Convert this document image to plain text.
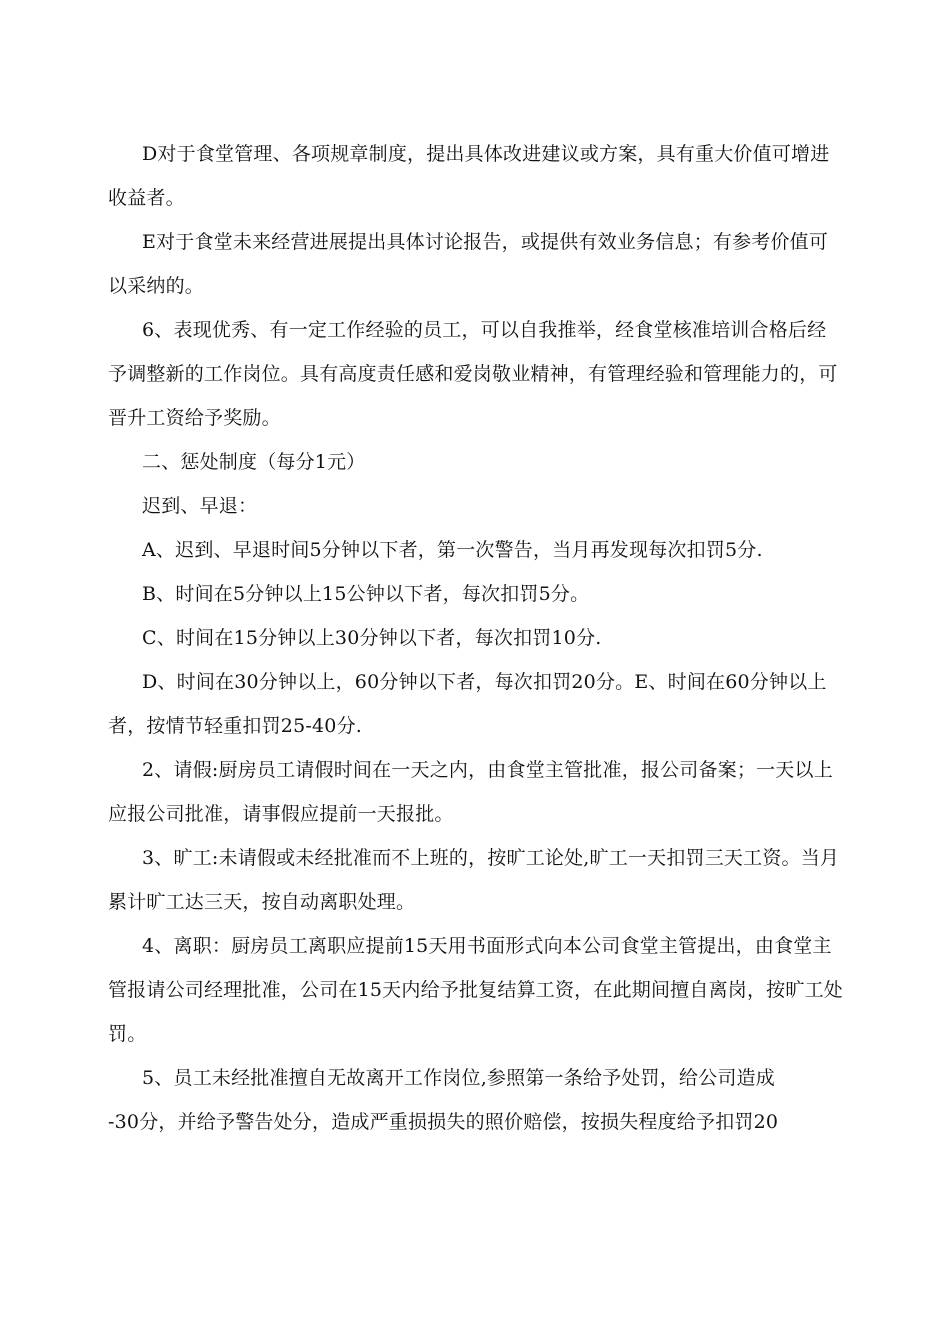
D对于食堂管理、各项规章制度，提出具体改进建议或方案，具有重大价值可增进收益者。

E对于食堂未来经营进展提出具体讨论报告，或提供有效业务信息；有参考价值可以采纳的。

6、表现优秀、有一定工作经验的员工，可以自我推举，经食堂核准培训合格后经予调整新的工作岗位。具有高度责任感和爱岗敬业精神，有管理经验和管理能力的，可晋升工资给予奖励。

二、惩处制度（每分1元）

迟到、早退：

A、迟到、早退时间5分钟以下者，第一次警告，当月再发现每次扣罚5分.

B、时间在5分钟以上15公钟以下者，每次扣罚5分。

C、时间在15分钟以上30分钟以下者，每次扣罚10分.

D、时间在30分钟以上，60分钟以下者，每次扣罚20分。E、时间在60分钟以上者，按情节轻重扣罚25-40分.

2、请假:厨房员工请假时间在一天之内，由食堂主管批准，报公司备案；一天以上应报公司批准，请事假应提前一天报批。

3、旷工:未请假或未经批准而不上班的，按旷工论处,旷工一天扣罚三天工资。当月累计旷工达三天，按自动离职处理。

4、离职：厨房员工离职应提前15天用书面形式向本公司食堂主管提出，由食堂主管报请公司经理批准，公司在15天内给予批复结算工资，在此期间擅自离岗，按旷工处罚。

5、员工未经批准擅自无故离开工作岗位,参照第一条给予处罚，给公司造成

-30分，并给予警告处分，造成严重损损失的照价赔偿，按损失程度给予扣罚20
